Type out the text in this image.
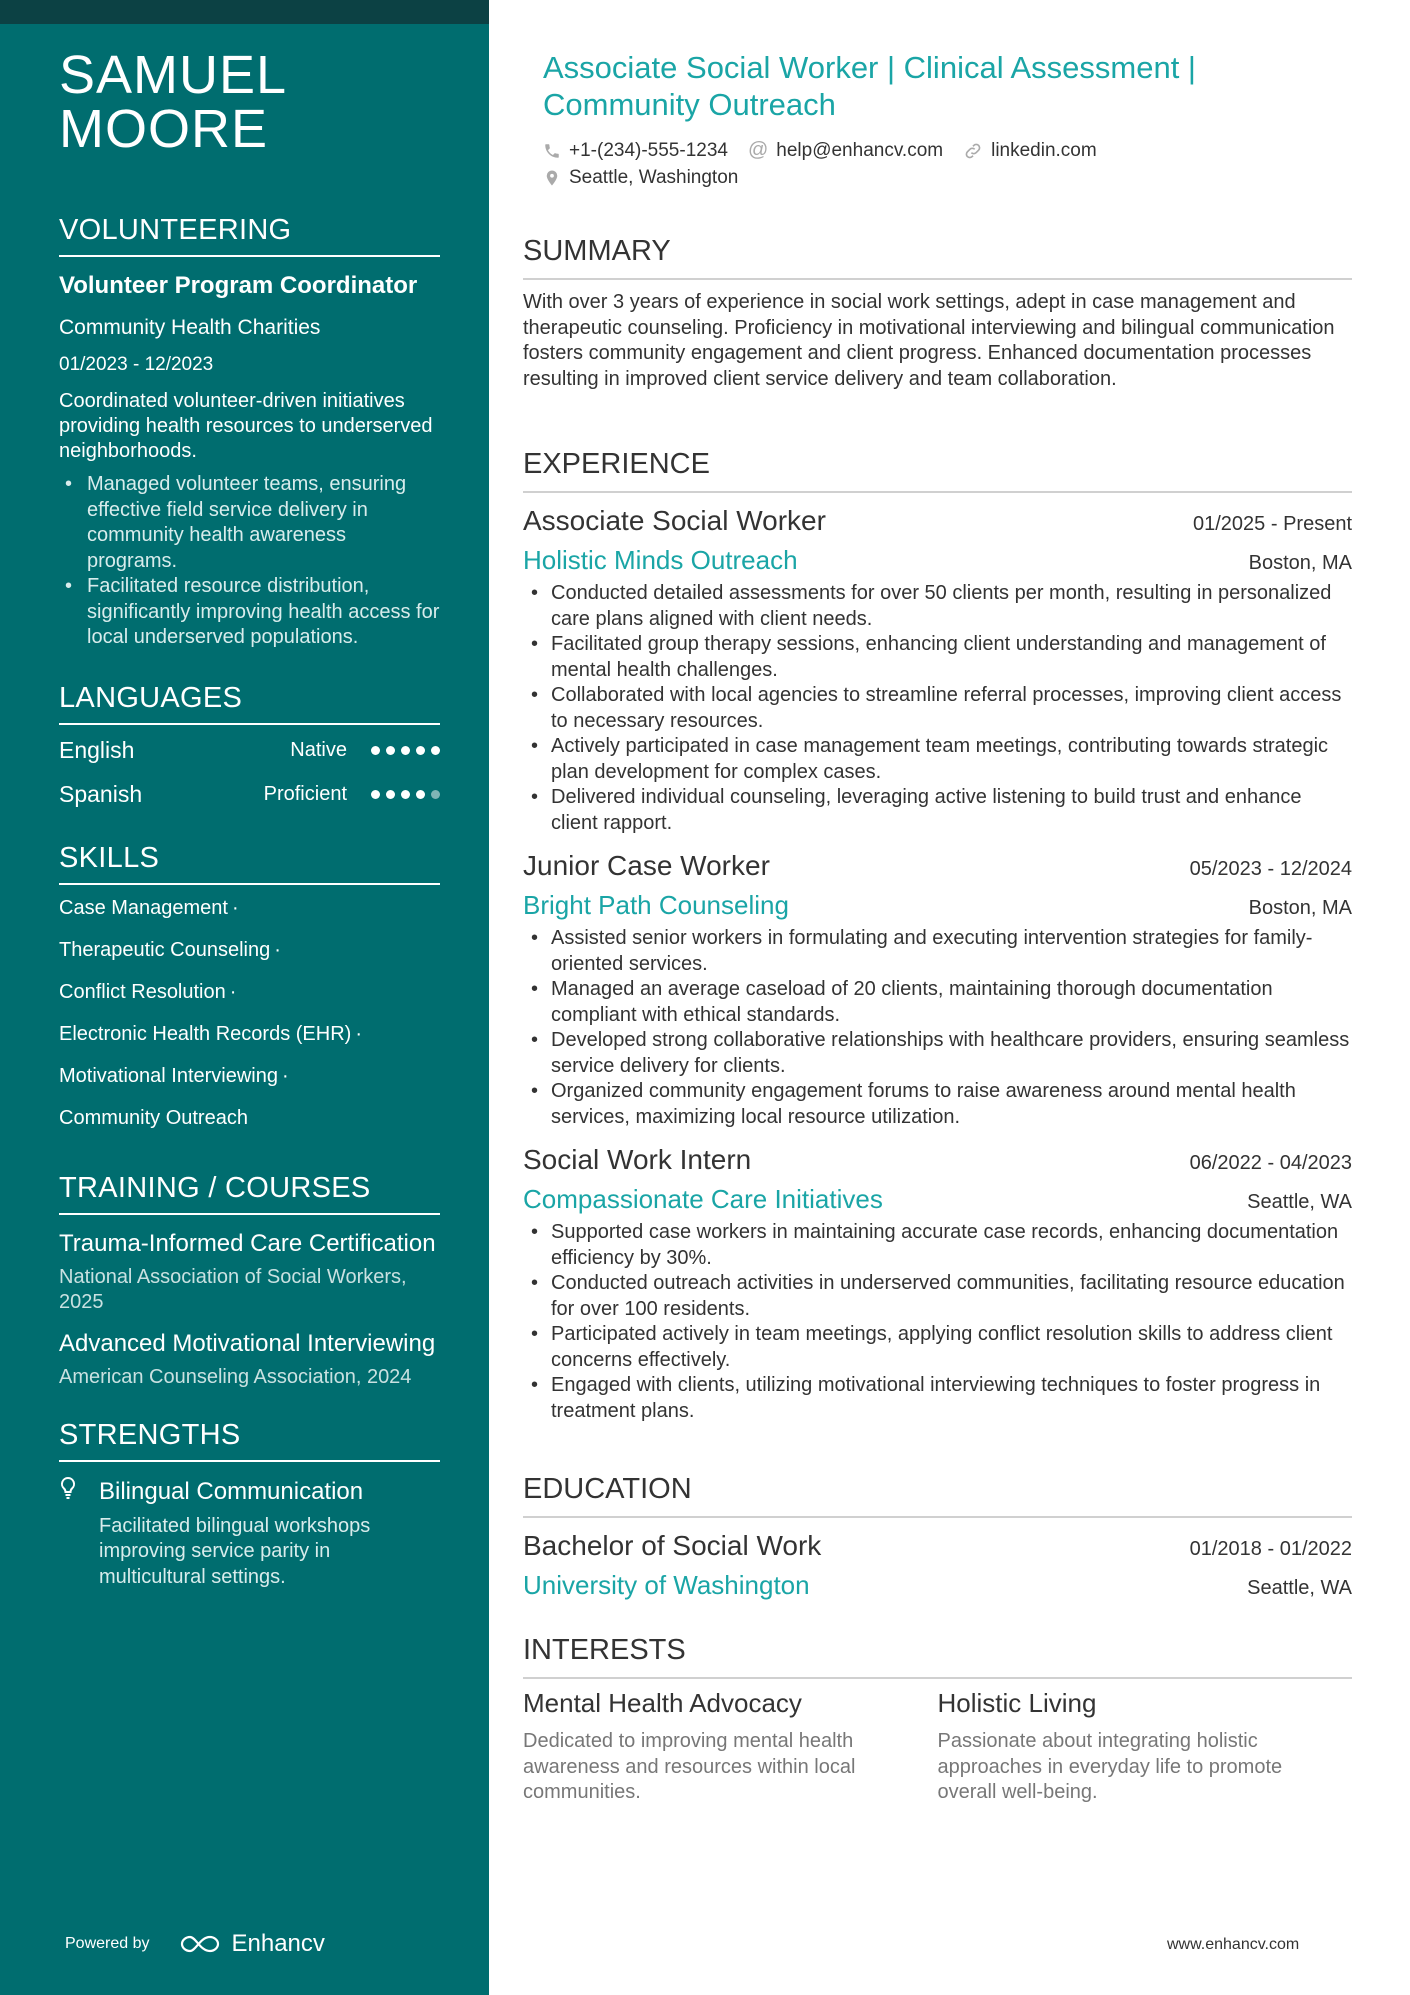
SAMUEL
MOORE
VOLUNTEERING
Volunteer Program Coordinator
Community Health Charities
01/2023 - 12/2023
Coordinated volunteer-driven initiatives providing health resources to underserved neighborhoods.
• Managed volunteer teams, ensuring effective field service delivery in community health awareness programs.
• Facilitated resource distribution, significantly improving health access for local underserved populations.
LANGUAGES
English	Native
Spanish	Proficient
SKILLS
Case Management ·
Therapeutic Counseling ·
Conflict Resolution ·
Electronic Health Records (EHR) ·
Motivational Interviewing ·
Community Outreach
TRAINING / COURSES
Trauma-Informed Care Certification
National Association of Social Workers, 2025
Advanced Motivational Interviewing
American Counseling Association, 2024
STRENGTHS
Bilingual Communication
Facilitated bilingual workshops improving service parity in multicultural settings.
Powered by	Enhancv
Associate Social Worker | Clinical Assessment | Community Outreach
+1-(234)-555-1234 @ help@enhancv.com	linkedin.com
Seattle, Washington
SUMMARY
With over 3 years of experience in social work settings, adept in case management and therapeutic counseling. Proficiency in motivational interviewing and bilingual communication fosters community engagement and client progress. Enhanced documentation processes resulting in improved client service delivery and team collaboration.
EXPERIENCE
Associate Social Worker	01/2025 - Present
Holistic Minds Outreach	Boston, MA
• Conducted detailed assessments for over 50 clients per month, resulting in personalized care plans aligned with client needs.
• Facilitated group therapy sessions, enhancing client understanding and management of mental health challenges.
• Collaborated with local agencies to streamline referral processes, improving client access to necessary resources.
• Actively participated in case management team meetings, contributing towards strategic plan development for complex cases.
• Delivered individual counseling, leveraging active listening to build trust and enhance client rapport.
Junior Case Worker	05/2023 - 12/2024
Bright Path Counseling	Boston, MA
• Assisted senior workers in formulating and executing intervention strategies for family-oriented services.
• Managed an average caseload of 20 clients, maintaining thorough documentation compliant with ethical standards.
• Developed strong collaborative relationships with healthcare providers, ensuring seamless service delivery for clients.
• Organized community engagement forums to raise awareness around mental health services, maximizing local resource utilization.
Social Work Intern	06/2022 - 04/2023
Compassionate Care Initiatives	Seattle, WA
• Supported case workers in maintaining accurate case records, enhancing documentation efficiency by 30%.
• Conducted outreach activities in underserved communities, facilitating resource education for over 100 residents.
• Participated actively in team meetings, applying conflict resolution skills to address client concerns effectively.
• Engaged with clients, utilizing motivational interviewing techniques to foster progress in treatment plans.
EDUCATION
Bachelor of Social Work	01/2018 - 01/2022
University of Washington	Seattle, WA
INTERESTS
Mental Health Advocacy
Dedicated to improving mental health awareness and resources within local communities.
Holistic Living
Passionate about integrating holistic approaches in everyday life to promote overall well-being.
www.enhancv.com
